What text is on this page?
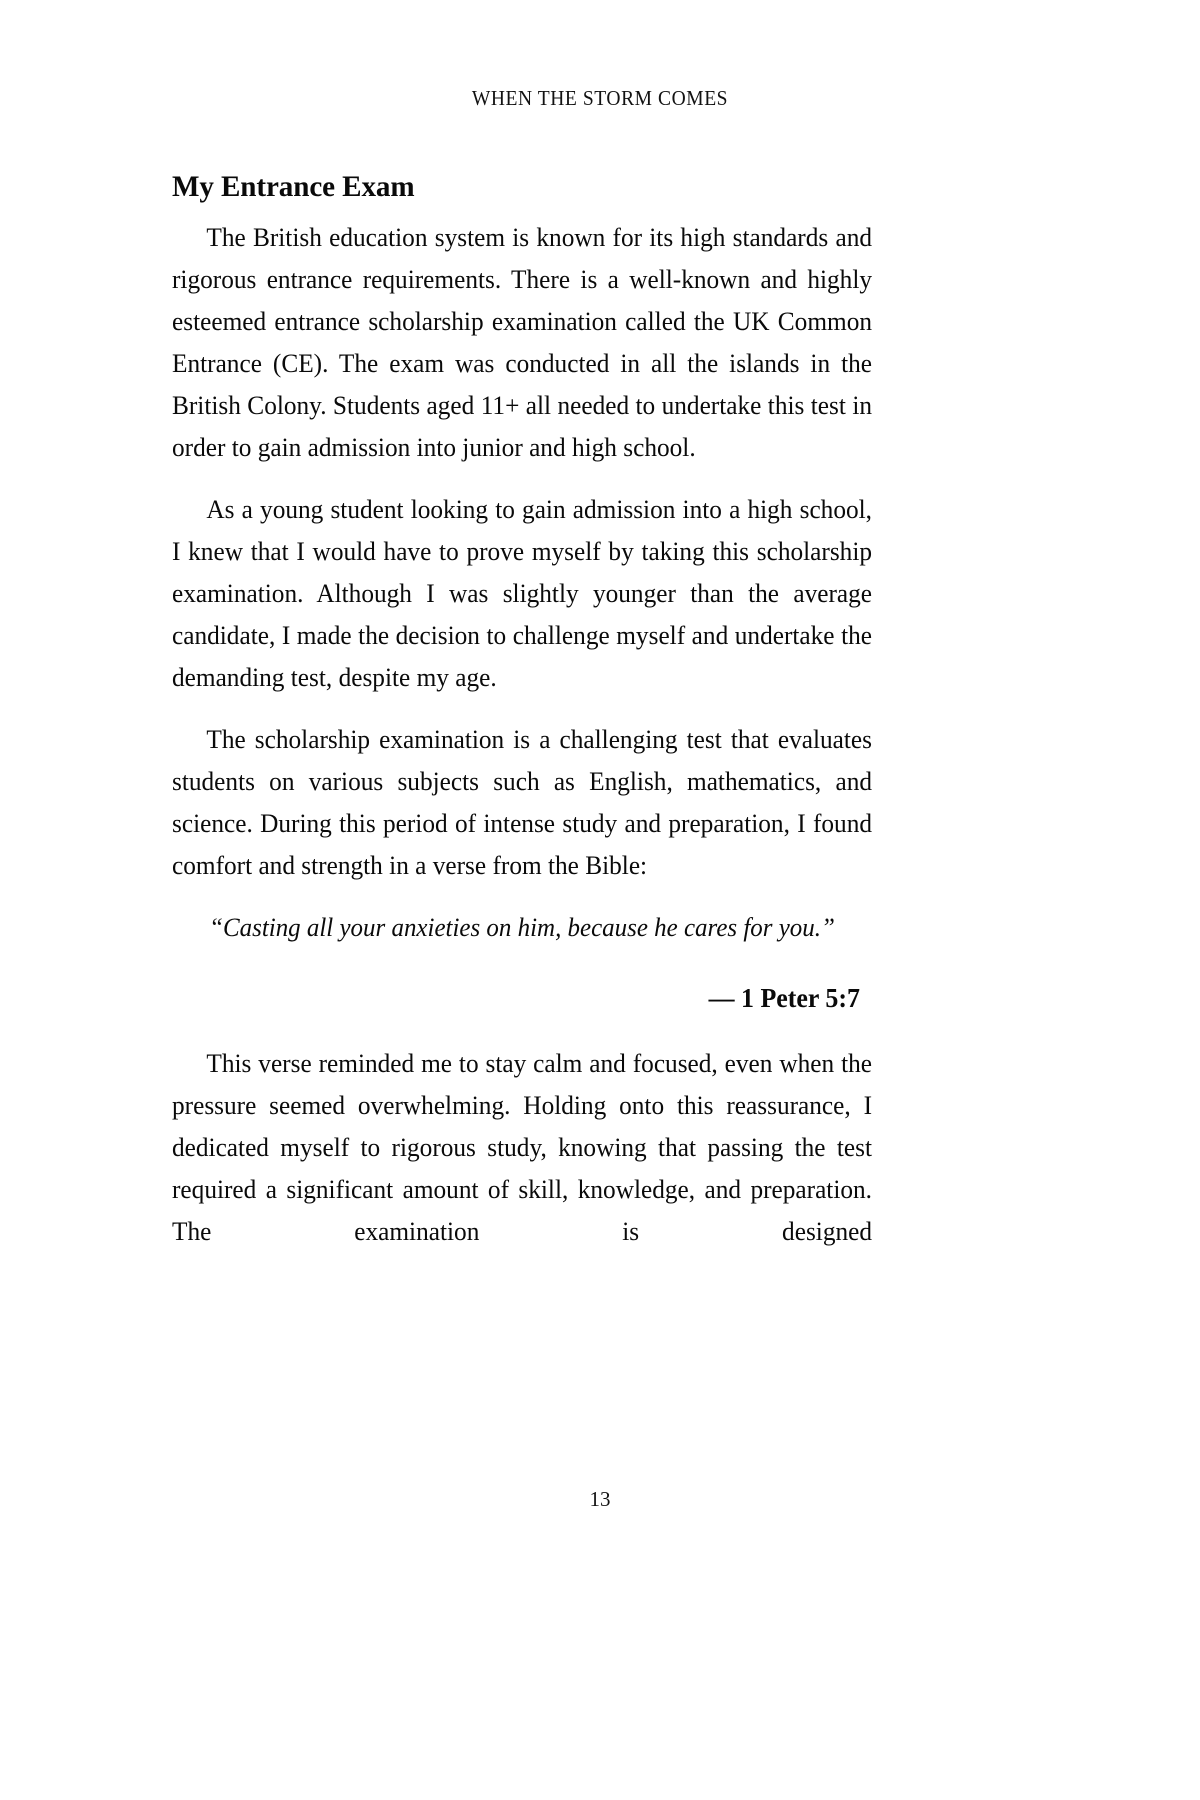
WHEN THE STORM COMES
My Entrance Exam

The British education system is known for its high standards and rigorous entrance requirements. There is a well-known and highly esteemed entrance scholarship examination called the UK Common Entrance (CE). The exam was conducted in all the islands in the British Colony. Students aged 11+ all needed to undertake this test in order to gain admission into junior and high school.

As a young student looking to gain admission into a high school, I knew that I would have to prove myself by taking this scholarship examination. Although I was slightly younger than the average candidate, I made the decision to challenge myself and undertake the demanding test, despite my age.

The scholarship examination is a challenging test that evaluates students on various subjects such as English, mathematics, and science. During this period of intense study and preparation, I found comfort and strength in a verse from the Bible:

“Casting all your anxieties on him, because he cares for you.”

— 1 Peter 5:7

This verse reminded me to stay calm and focused, even when the pressure seemed overwhelming. Holding onto this reassurance, I dedicated myself to rigorous study, knowing that passing the test required a significant amount of skill, knowledge, and preparation. The examination is designed

13
